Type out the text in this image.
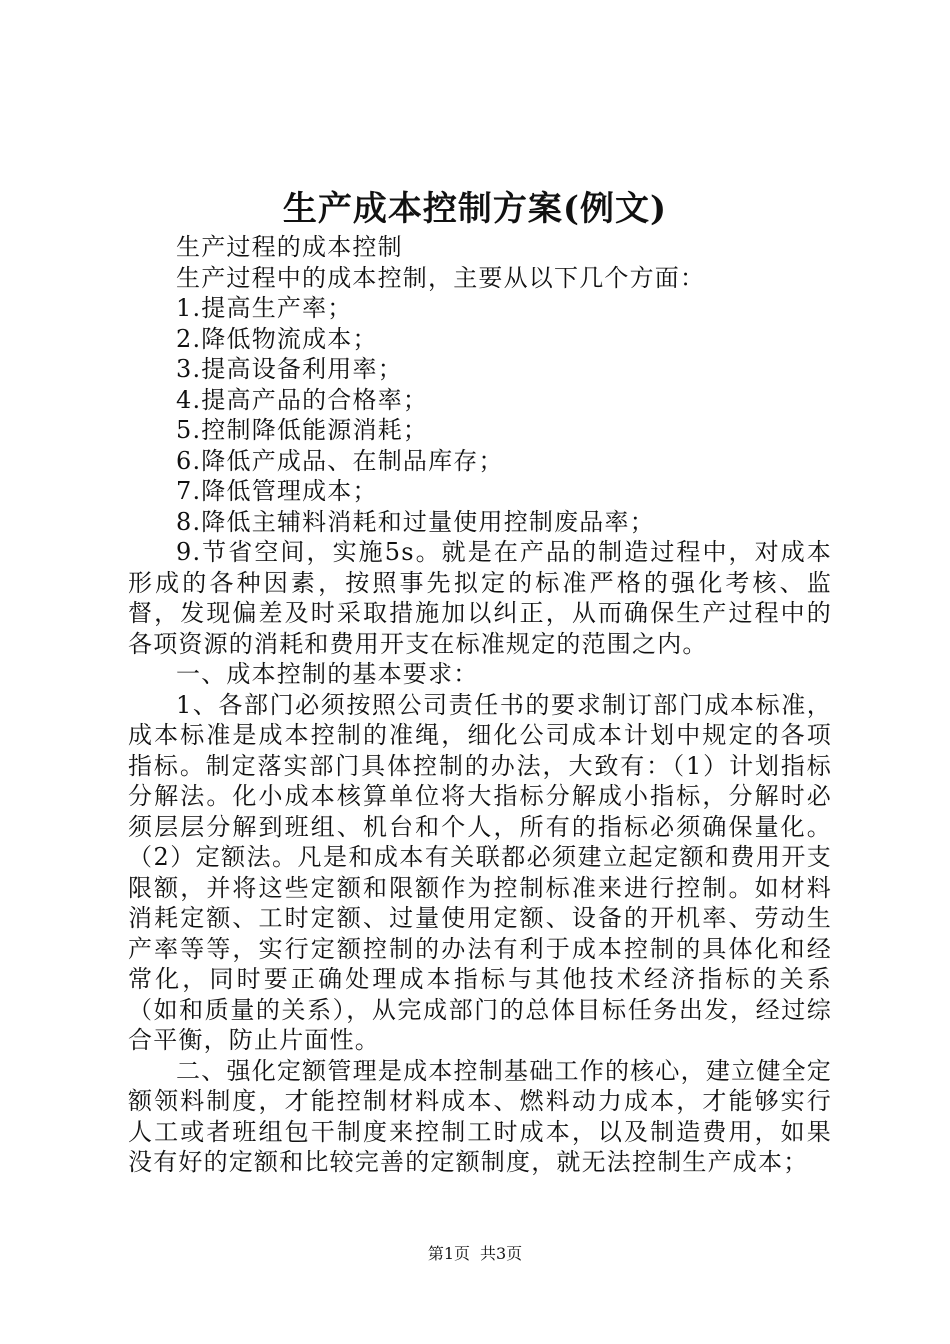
生产成本控制方案(例文)

生产过程的成本控制

生产过程中的成本控制，主要从以下几个方面：

1.提高生产率；

2.降低物流成本；

3.提高设备利用率；

4.提高产品的合格率；

5.控制降低能源消耗；

6.降低产成品、在制品库存；

7.降低管理成本；

8.降低主辅料消耗和过量使用控制废品率；

9.节省空间，实施5s。就是在产品的制造过程中，对成本形成的各种因素，按照事先拟定的标准严格的强化考核、监督，发现偏差及时采取措施加以纠正，从而确保生产过程中的各项资源的消耗和费用开支在标准规定的范围之内。

一、成本控制的基本要求：

1、各部门必须按照公司责任书的要求制订部门成本标准，成本标准是成本控制的准绳，细化公司成本计划中规定的各项指标。制定落实部门具体控制的办法，大致有：（1）计划指标分解法。化小成本核算单位将大指标分解成小指标，分解时必须层层分解到班组、机台和个人，所有的指标必须确保量化。（2）定额法。凡是和成本有关联都必须建立起定额和费用开支限额，并将这些定额和限额作为控制标准来进行控制。如材料消耗定额、工时定额、过量使用定额、设备的开机率、劳动生产率等等，实行定额控制的办法有利于成本控制的具体化和经常化，同时要正确处理成本指标与其他技术经济指标的关系（如和质量的关系），从完成部门的总体目标任务出发，经过综合平衡，防止片面性。

二、强化定额管理是成本控制基础工作的核心，建立健全定额领料制度，才能控制材料成本、燃料动力成本，才能够实行人工或者班组包干制度来控制工时成本，以及制造费用，如果没有好的定额和比较完善的定额制度，就无法控制生产成本；

第1页 共3页
